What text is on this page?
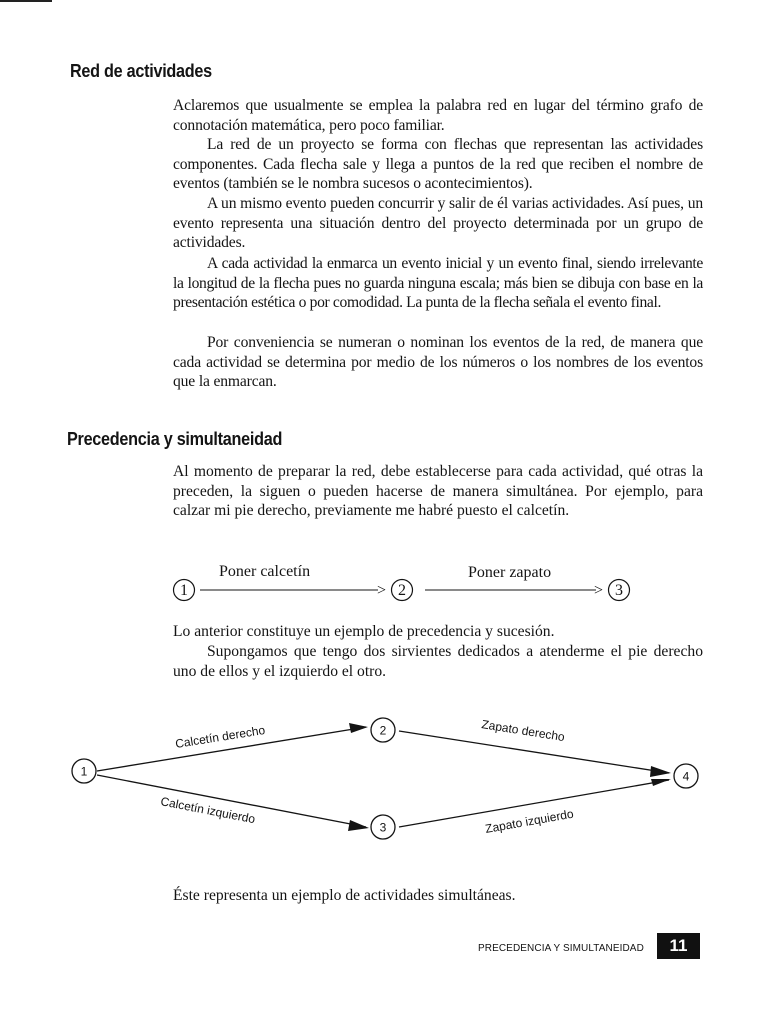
Red de actividades

Aclaremos que usualmente se emplea la palabra red en lugar del término grafo de connotación matemática, pero poco familiar.

La red de un proyecto se forma con flechas que representan las actividades componentes. Cada flecha sale y llega a puntos de la red que reciben el nombre de eventos (también se le nombra sucesos o acontecimientos).

A un mismo evento pueden concurrir y salir de él varias actividades. Así pues, un evento representa una situación dentro del proyecto determinada por un grupo de actividades.

A cada actividad la enmarca un evento inicial y un evento final, siendo irrelevante la longitud de la flecha pues no guarda ninguna escala; más bien se dibuja con base en la presentación estética o por comodidad. La punta de la flecha señala el evento final.

Por conveniencia se numeran o nominan los eventos de la red, de manera que cada actividad se determina por medio de los números o los nombres de los eventos que la enmarcan.

Precedencia y simultaneidad

Al momento de preparar la red, debe establecerse para cada actividad, qué otras la preceden, la siguen o pueden hacerse de manera simultánea. Por ejemplo, para calzar mi pie derecho, previamente me habré puesto el calcetín.

Poner calcetín	Poner zapato
1	> 2	> 3

Lo anterior constituye un ejemplo de precedencia y sucesión.

Supongamos que tengo dos sirvientes dedicados a atenderme el pie derecho uno de ellos y el izquierdo el otro.

1
2
3
4
Calcetín derecho
Calcetín izquierdo
Zapato derecho
Zapato izquierdo

Éste representa un ejemplo de actividades simultáneas.

PRECEDENCIA Y SIMULTANEIDAD	11
